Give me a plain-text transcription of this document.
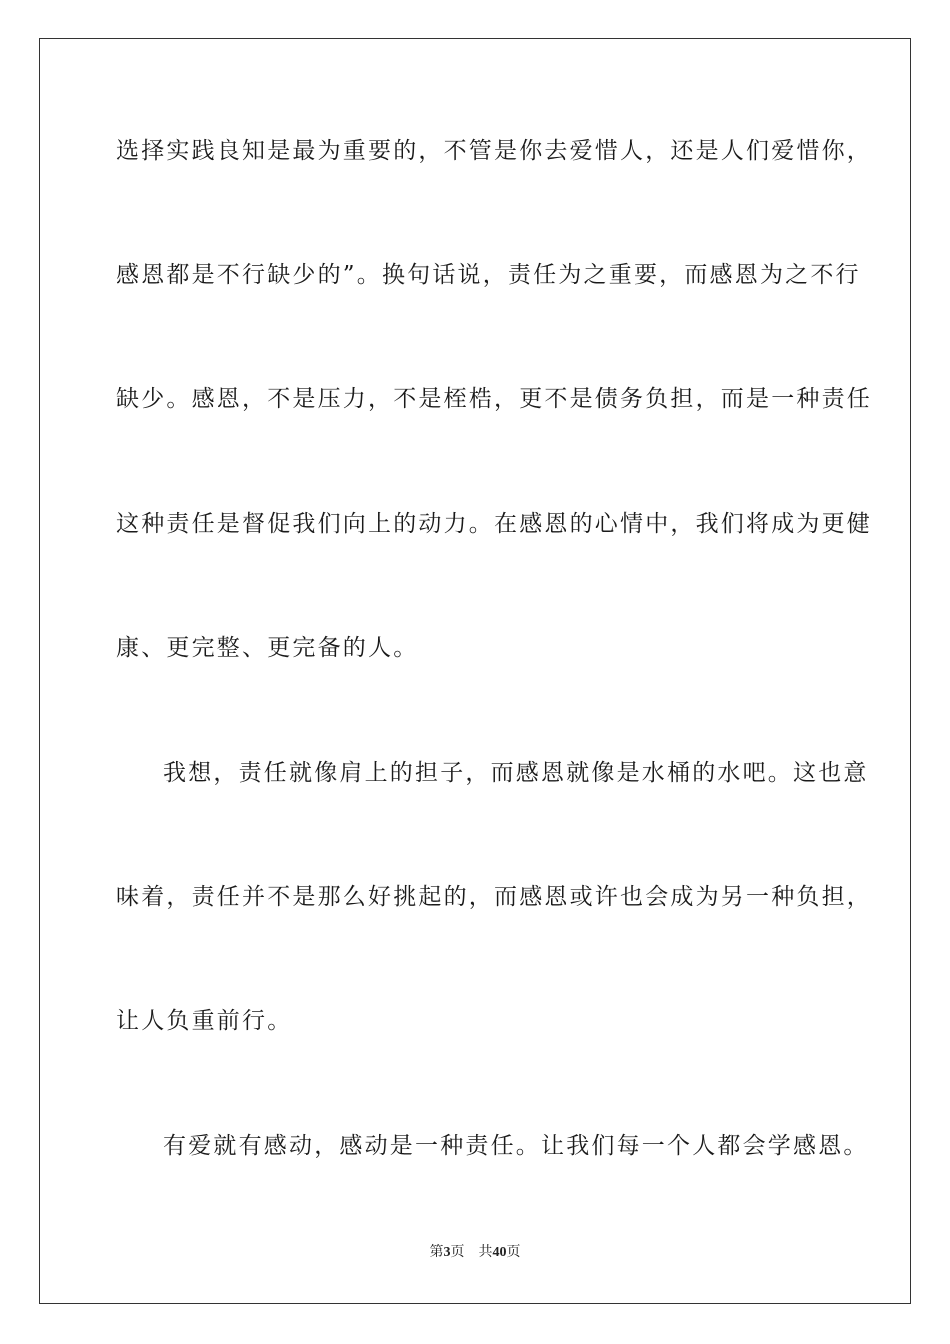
选择实践良知是最为重要的，不管是你去爱惜人，还是人们爱惜你，
感恩都是不行缺少的”。换句话说，责任为之重要，而感恩为之不行
缺少。感恩，不是压力，不是桎梏，更不是债务负担，而是一种责任
这种责任是督促我们向上的动力。在感恩的心情中，我们将成为更健
康、更完整、更完备的人。
我想，责任就像肩上的担子，而感恩就像是水桶的水吧。这也意
味着，责任并不是那么好挑起的，而感恩或许也会成为另一种负担，
让人负重前行。
有爱就有感动，感动是一种责任。让我们每一个人都会学感恩。
第3页 共40页
